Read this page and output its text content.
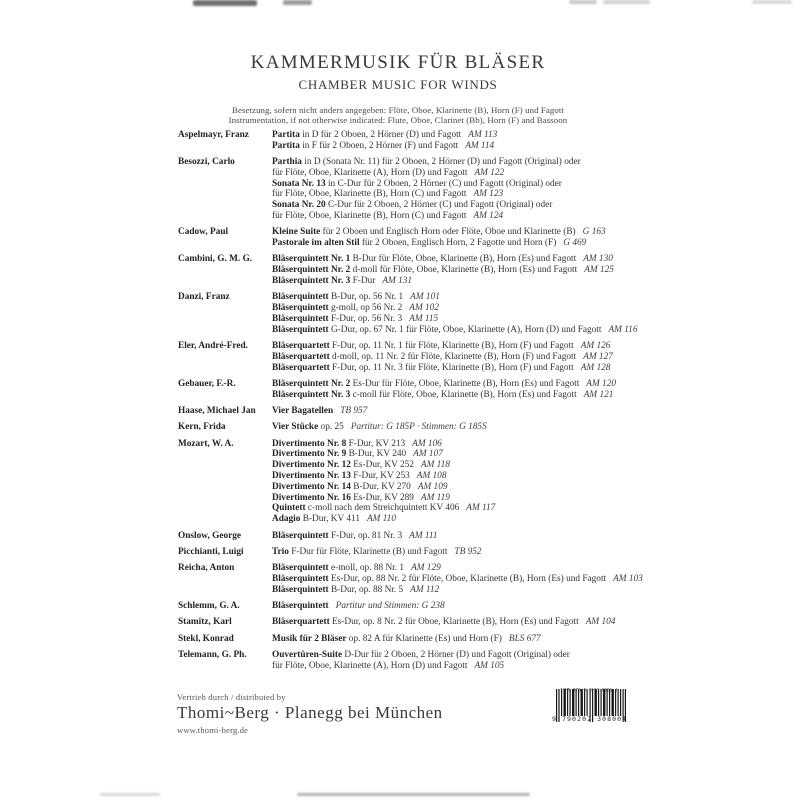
KAMMERMUSIK FÜR BLÄSER
CHAMBER MUSIC FOR WINDS
Besetzung, sofern nicht anders angegeben: Flöte, Oboe, Klarinette (B), Horn (F) und Fagott
Instrumentation, if not otherwise indicated: Flute, Oboe, Clarinet (Bb), Horn (F) and Bassoon
Aspelmayr, Franz	Partita in D für 2 Oboen, 2 Hörner (D) und Fagott AM 113
Partita in F für 2 Oboen, 2 Hörner (F) und Fagott AM 114
Besozzi, Carlo	Parthia in D (Sonata Nr. 11) für 2 Oboen, 2 Hörner (D) und Fagott (Original) oder
für Flöte, Oboe, Klarinette (A), Horn (D) und Fagott AM 122
Sonata Nr. 13 in C-Dur für 2 Oboen, 2 Hörner (C) und Fagott (Original) oder
für Flöte, Oboe, Klarinette (B), Horn (C) und Fagott AM 123
Sonata Nr. 20 C-Dur für 2 Oboen, 2 Hörner (C) und Fagott (Original) oder
für Flöte, Oboe, Klarinette (B), Horn (C) und Fagott AM 124
Cadow, Paul	Kleine Suite für 2 Oboen und Englisch Horn oder Flöte, Oboe und Klarinette (B) G 163
Pastorale im alten Stil für 2 Oboen, Englisch Horn, 2 Fagotte und Horn (F) G 469
Cambini, G. M. G.	Bläserquintett Nr. 1 B-Dur für Flöte, Oboe, Klarinette (B), Horn (Es) und Fagott AM 130
Bläserquintett Nr. 2 d-moll für Flöte, Oboe, Klarinette (B), Horn (Es) und Fagott AM 125
Bläserquintett Nr. 3 F-Dur AM 131
Danzi, Franz	Bläserquintett B-Dur, op. 56 Nr. 1 AM 101
Bläserquintett g-moll, op 56 Nr. 2 AM 102
Bläserquintett F-Dur, op. 56 Nr. 3 AM 115
Bläserquintett G-Dur, op. 67 Nr. 1 für Flöte, Oboe, Klarinette (A), Horn (D) und Fagott AM 116
Eler, André-Fred.	Bläserquartett F-Dur, op. 11 Nr. 1 für Flöte, Klarinette (B), Horn (F) und Fagott AM 126
Bläserquartett d-moll, op. 11 Nr. 2 für Flöte, Klarinette (B), Horn (F) und Fagott AM 127
Bläserquartett F-Dur, op. 11 Nr. 3 für Flöte, Klarinette (B), Horn (F) und Fagott AM 128
Gebauer, F.-R.	Bläserquintett Nr. 2 Es-Dur für Flöte, Oboe, Klarinette (B), Horn (Es) und Fagott AM 120
Bläserquintett Nr. 3 c-moll für Flöte, Oboe, Klarinette (B), Horn (Es) und Fagott AM 121
Haase, Michael Jan	Vier Bagatellen TB 957
Kern, Frida	Vier Stücke op. 25 Partitur: G 185P · Stimmen: G 185S
Mozart, W. A.	Divertimento Nr. 8 F-Dur, KV 213 AM 106
Divertimento Nr. 9 B-Dur, KV 240 AM 107
Divertimento Nr. 12 Es-Dur, KV 252 AM 118
Divertimento Nr. 13 F-Dur, KV 253 AM 108
Divertimento Nr. 14 B-Dur, KV 270 AM 109
Divertimento Nr. 16 Es-Dur, KV 289 AM 119
Quintett c-moll nach dem Streichquintett KV 406 AM 117
Adagio B-Dur, KV 411 AM 110
Onslow, George	Bläserquintett F-Dur, op. 81 Nr. 3 AM 111
Picchianti, Luigi	Trio F-Dur für Flöte, Klarinette (B) und Fagott TB 952
Reicha, Anton	Bläserquintett e-moll, op. 88 Nr. 1 AM 129
Bläserquintett Es-Dur, op. 88 Nr. 2 für Flöte, Oboe, Klarinette (B), Horn (Es) und Fagott AM 103
Bläserquintett B-Dur, op. 88 Nr. 5 AM 112
Schlemm, G. A.	Bläserquintett Partitur und Stimmen: G 238
Stamitz, Karl	Bläserquartett Es-Dur, op. 8 Nr. 2 für Oboe, Klarinette (B), Horn (Es) und Fagott AM 104
Stekl, Konrad	Musik für 2 Bläser op. 82 A für Klarinette (Es) und Horn (F) BLS 677
Telemann, G. Ph.	Ouvertüren-Suite D-Dur für 2 Oboen, 2 Hörner (D) und Fagott (Original) oder
für Flöte, Oboe, Klarinette (A), Horn (D) und Fagott AM 105
Vertrieb durch / distributed by
Thomi~Berg · Planegg bei München
www.thomi-berg.de
ISMN 979-0-2023-0800-4
9 790202 308004
